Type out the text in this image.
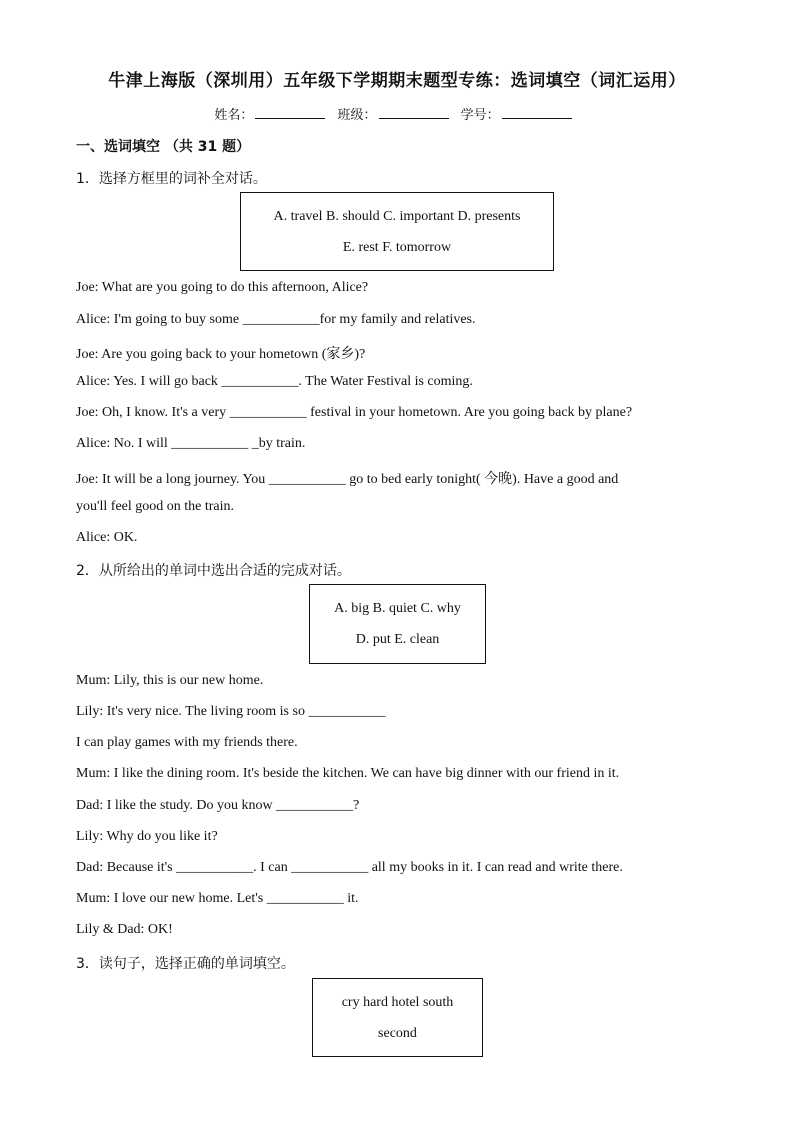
牛津上海版（深圳用）五年级下学期期末题型专练：选词填空（词汇运用）
姓名：	班级：	学号：
一、选词填空 （共 31 题）
1．选择方框里的词补全对话。
A. travel B. should C. important D. presents
E. rest F. tomorrow
Joe: What are you going to do this afternoon, Alice?
Alice: I'm going to buy some ___________for my family and relatives.
Joe: Are you going back to your hometown (家乡)?
Alice: Yes. I will go back ___________. The Water Festival is coming.
Joe: Oh, I know. It's a very ___________ festival in your hometown. Are you going back by plane?
Alice: No. I will ___________ _by train.
Joe: It will be a long journey. You ___________ go to bed early tonight( 今晚). Have a good and
you'll feel good on the train.
Alice: OK.
2．从所给出的单词中选出合适的完成对话。
A. big B. quiet C. why
D. put E. clean
Mum: Lily, this is our new home.
Lily: It's very nice. The living room is so ___________
I can play games with my friends there.
Mum: I like the dining room. It's beside the kitchen. We can have big dinner with our friend in it.
Dad: I like the study. Do you know ___________?
Lily: Why do you like it?
Dad: Because it's ___________. I can ___________ all my books in it. I can read and write there.
Mum: I love our new home. Let's ___________ it.
Lily & Dad: OK!
3．读句子，选择正确的单词填空。
cry hard hotel south
second
